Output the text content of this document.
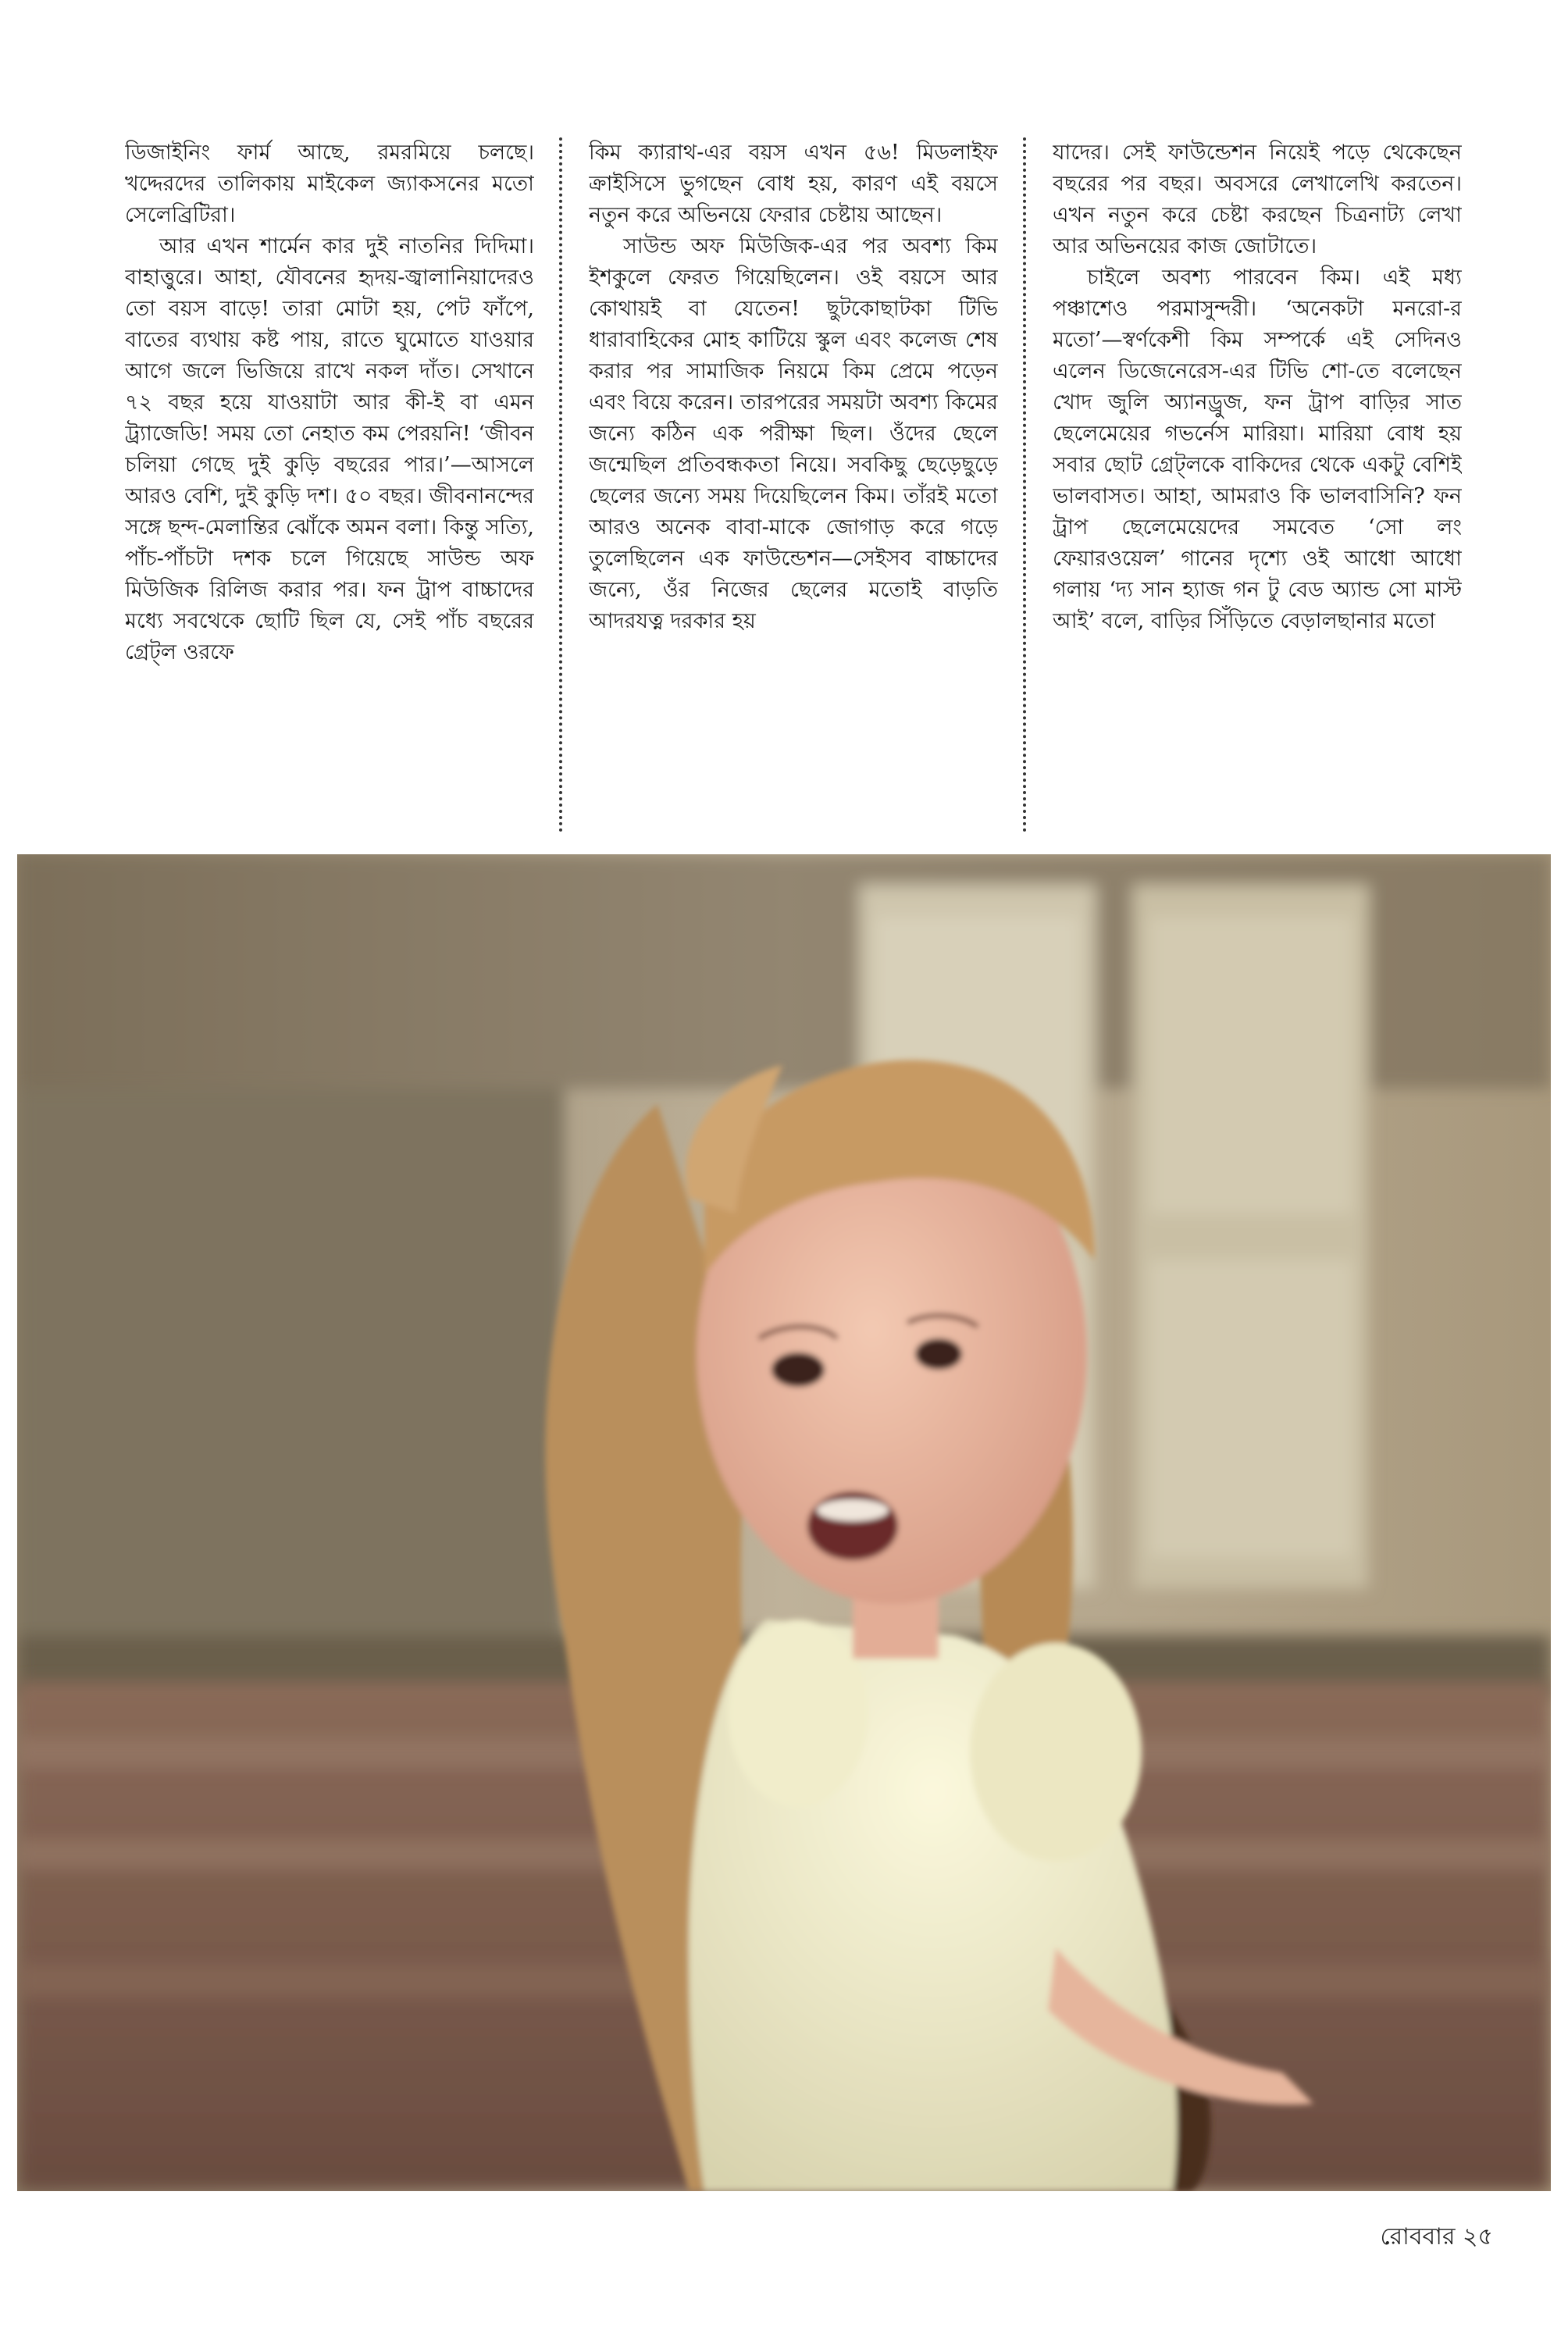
ডিজাইনিং ফার্ম আছে, রমরমিয়ে চলছে। খদ্দেরদের তালিকায় মাইকেল জ্যাকসনের মতো সেলেব্রিটিরা।

আর এখন শার্মেন কার দুই নাতনির দিদিমা। বাহাত্তুরে। আহা, যৌবনের হৃদয়-জ্বালানিয়াদেরও তো বয়স বাড়ে! তারা মোটা হয়, পেট ফাঁপে, বাতের ব্যথায় কষ্ট পায়, রাতে ঘুমোতে যাওয়ার আগে জলে ভিজিয়ে রাখে নকল দাঁত। সেখানে ৭২ বছর হয়ে যাওয়াটা আর কী-ই বা এমন ট্র্যাজেডি! সময় তো নেহাত কম পেরয়নি! ‘জীবন চলিয়া গেছে দুই কুড়ি বছরের পার।’—আসলে আরও বেশি, দুই কুড়ি দশ। ৫০ বছর। জীবনানন্দের সঙ্গে ছন্দ-মেলান্তির ঝোঁকে অমন বলা। কিন্তু সত্যি, পাঁচ-পাঁচটা দশক চলে গিয়েছে সাউন্ড অফ মিউজিক রিলিজ করার পর। ফন ট্রাপ বাচ্চাদের মধ্যে সবথেকে ছোটি ছিল যে, সেই পাঁচ বছরের গ্রেট্‌ল ওরফে

কিম ক্যারাথ-এর বয়স এখন ৫৬! মিডলাইফ ক্রাইসিসে ভুগছেন বোধ হয়, কারণ এই বয়সে নতুন করে অভিনয়ে ফেরার চেষ্টায় আছেন।

সাউন্ড অফ মিউজিক-এর পর অবশ্য কিম ইশকুলে ফেরত গিয়েছিলেন। ওই বয়সে আর কোথায়ই বা যেতেন! ছুটকোছাটকা টিভি ধারাবাহিকের মোহ কাটিয়ে স্কুল এবং কলেজ শেষ করার পর সামাজিক নিয়মে কিম প্রেমে পড়েন এবং বিয়ে করেন। তারপরের সময়টা অবশ্য কিমের জন্যে কঠিন এক পরীক্ষা ছিল। ওঁদের ছেলে জন্মেছিল প্রতিবন্ধকতা নিয়ে। সবকিছু ছেড়েছুড়ে ছেলের জন্যে সময় দিয়েছিলেন কিম। তাঁরই মতো আরও অনেক বাবা-মাকে জোগাড় করে গড়ে তুলেছিলেন এক ফাউন্ডেশন—সেইসব বাচ্চাদের জন্যে, ওঁর নিজের ছেলের মতোই বাড়তি আদরযত্ন দরকার হয়

যাদের। সেই ফাউন্ডেশন নিয়েই পড়ে থেকেছেন বছরের পর বছর। অবসরে লেখালেখি করতেন। এখন নতুন করে চেষ্টা করছেন চিত্রনাট্য লেখা আর অভিনয়ের কাজ জোটাতে।

চাইলে অবশ্য পারবেন কিম। এই মধ্য পঞ্চাশেও পরমাসুন্দরী। ‘অনেকটা মনরো-র মতো’—স্বর্ণকেশী কিম সম্পর্কে এই সেদিনও এলেন ডিজেনেরেস-এর টিভি শো-তে বলেছেন খোদ জুলি অ্যানড্রুজ, ফন ট্রাপ বাড়ির সাত ছেলেমেয়ের গভর্নেস মারিয়া। মারিয়া বোধ হয় সবার ছোট গ্রেট্‌লকে বাকিদের থেকে একটু বেশিই ভালবাসত। আহা, আমরাও কি ভালবাসিনি? ফন ট্রাপ ছেলেমেয়েদের সমবেত ‘সো লং ফেয়ারওয়েল’ গানের দৃশ্যে ওই আধো আধো গলায় ‘দ্য সান হ্যাজ গন টু বেড অ্যান্ড সো মাস্ট আই’ বলে, বাড়ির সিঁড়িতে বেড়ালছানার মতো

রোববার ২৫
